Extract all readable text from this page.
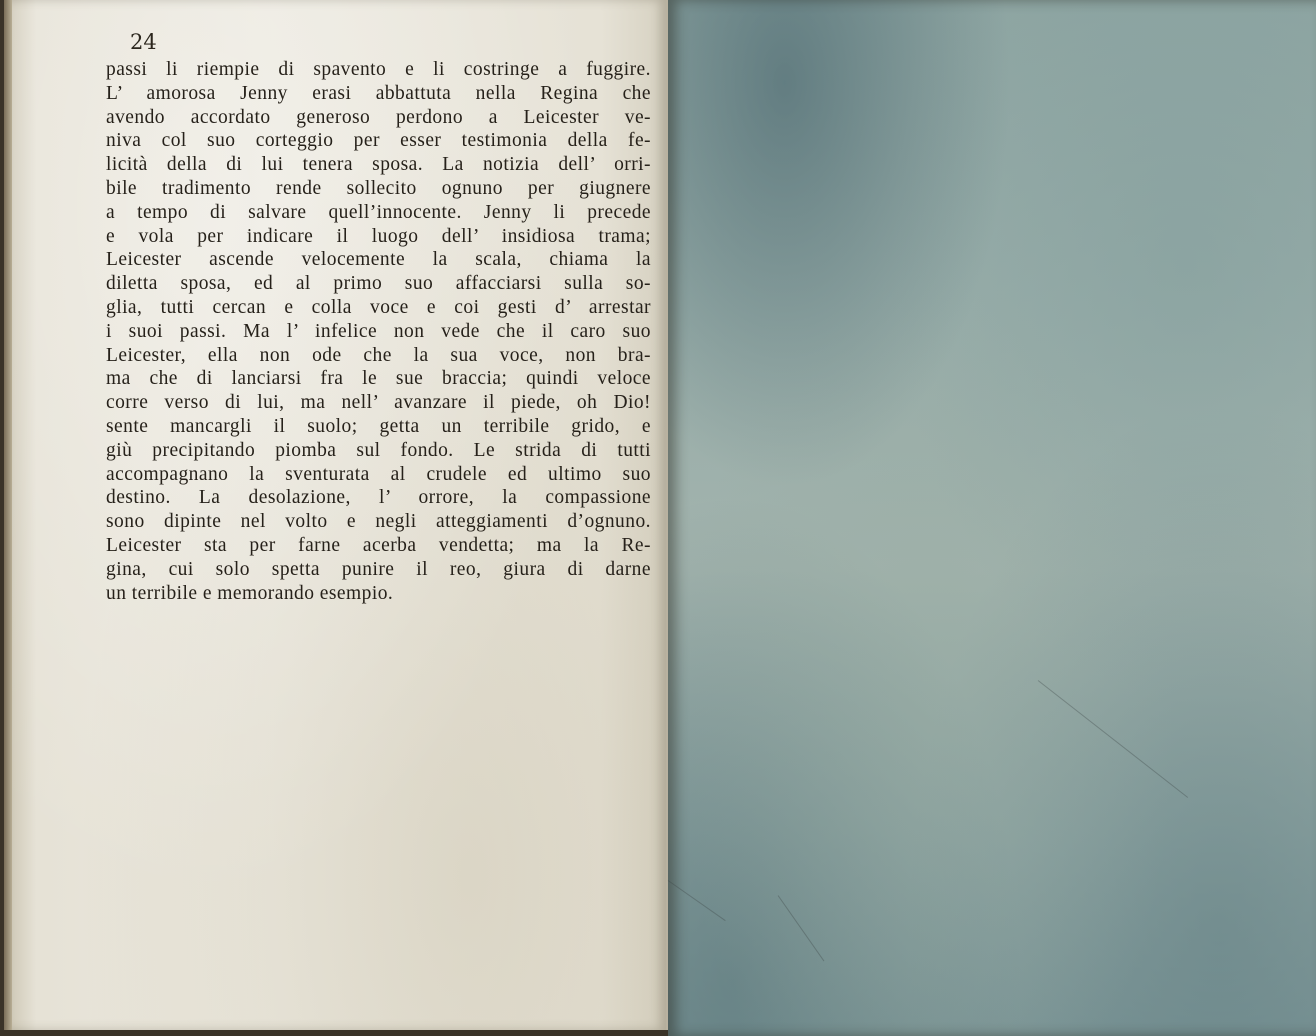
24
passi li riempie di spavento e li costringe a fuggire.
L’ amorosa Jenny erasi abbattuta nella Regina che
avendo accordato generoso perdono a Leicester ve-
niva col suo corteggio per esser testimonia della fe-
licità della di lui tenera sposa. La notizia dell’ orri-
bile tradimento rende sollecito ognuno per giugnere
a tempo di salvare quell’innocente. Jenny li precede
e vola per indicare il luogo dell’ insidiosa trama;
Leicester ascende velocemente la scala, chiama la
diletta sposa, ed al primo suo affacciarsi sulla so-
glia, tutti cercan e colla voce e coi gesti d’ arrestar
i suoi passi. Ma l’ infelice non vede che il caro suo
Leicester, ella non ode che la sua voce, non bra-
ma che di lanciarsi fra le sue braccia; quindi veloce
corre verso di lui, ma nell’ avanzare il piede, oh Dio!
sente mancargli il suolo; getta un terribile grido, e
giù precipitando piomba sul fondo. Le strida di tutti
accompagnano la sventurata al crudele ed ultimo suo
destino. La desolazione, l’ orrore, la compassione
sono dipinte nel volto e negli atteggiamenti d’ognuno.
Leicester sta per farne acerba vendetta; ma la Re-
gina, cui solo spetta punire il reo, giura di darne
un terribile e memorando esempio.
